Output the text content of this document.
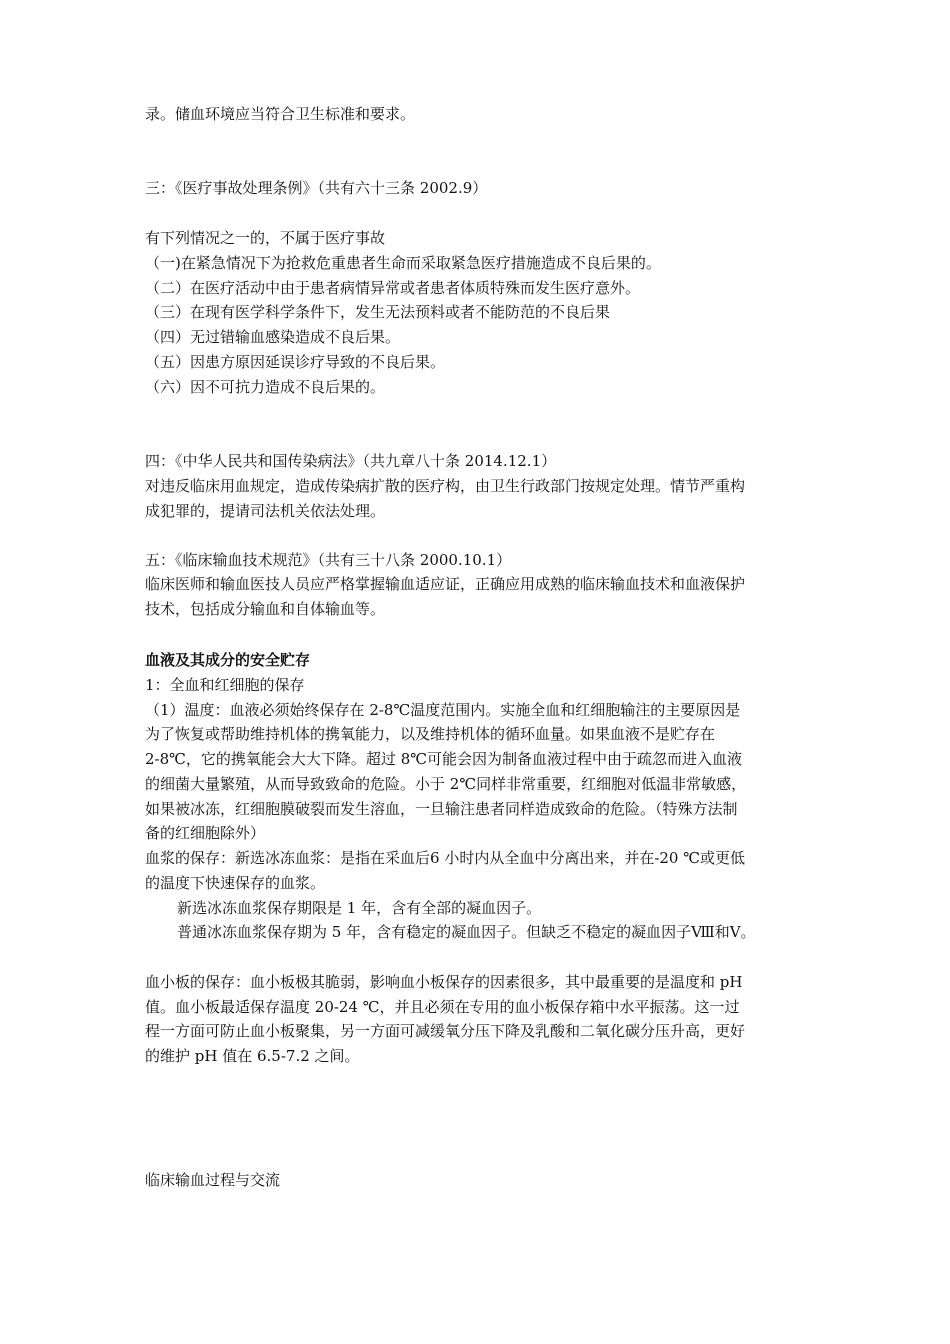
录。储血环境应当符合卫生标准和要求。
三：《医疗事故处理条例》（共有六十三条 2002.9）
有下列情况之一的，不属于医疗事故
（一)在紧急情况下为抢救危重患者生命而采取紧急医疗措施造成不良后果的。
（二）在医疗活动中由于患者病情异常或者患者体质特殊而发生医疗意外。
（三）在现有医学科学条件下，发生无法预料或者不能防范的不良后果
（四）无过错输血感染造成不良后果。
（五）因患方原因延误诊疗导致的不良后果。
（六）因不可抗力造成不良后果的。
四：《中华人民共和国传染病法》（共九章八十条 2014.12.1）
对违反临床用血规定，造成传染病扩散的医疗构，由卫生行政部门按规定处理。情节严重构
成犯罪的，提请司法机关依法处理。
五：《临床输血技术规范》（共有三十八条 2000.10.1）
临床医师和输血医技人员应严格掌握输血适应证，正确应用成熟的临床输血技术和血液保护
技术，包括成分输血和自体输血等。
血液及其成分的安全贮存
1：全血和红细胞的保存
（1）温度：血液必须始终保存在 2-8℃温度范围内。实施全血和红细胞输注的主要原因是
为了恢复或帮助维持机体的携氧能力，以及维持机体的循环血量。如果血液不是贮存在
2-8℃，它的携氧能会大大下降。超过 8℃可能会因为制备血液过程中由于疏忽而进入血液
的细菌大量繁殖，从而导致致命的危险。小于 2℃同样非常重要，红细胞对低温非常敏感，
如果被冰冻，红细胞膜破裂而发生溶血，一旦输注患者同样造成致命的危险。（特殊方法制
备的红细胞除外）
血浆的保存：新选冰冻血浆：是指在采血后6 小时内从全血中分离出来，并在-20 ℃或更低
的温度下快速保存的血浆。
新选冰冻血浆保存期限是 1 年，含有全部的凝血因子。
普通冰冻血浆保存期为 5 年，含有稳定的凝血因子。但缺乏不稳定的凝血因子Ⅷ和Ⅴ。
血小板的保存：血小板极其脆弱，影响血小板保存的因素很多，其中最重要的是温度和 pH
值。血小板最适保存温度 20-24 ℃，并且必须在专用的血小板保存箱中水平振荡。这一过
程一方面可防止血小板聚集，另一方面可减缓氧分压下降及乳酸和二氧化碳分压升高，更好
的维护 pH 值在 6.5-7.2 之间。
临床输血过程与交流
